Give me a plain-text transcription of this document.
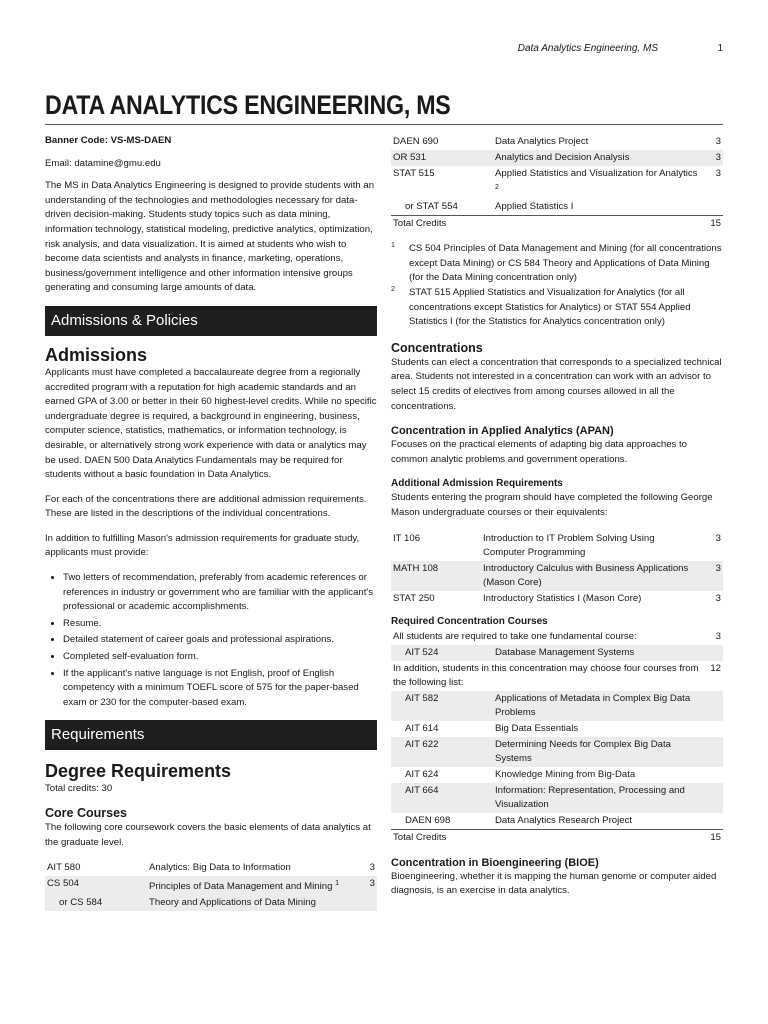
Data Analytics Engineering, MS	1
DATA ANALYTICS ENGINEERING, MS

Banner Code: VS-MS-DAEN

Email: datamine@gmu.edu

The MS in Data Analytics Engineering is designed to provide students with an understanding of the technologies and methodologies necessary for data-driven decision-making. Students study topics such as data mining, information technology, statistical modeling, predictive analytics, optimization, risk analysis, and data visualization. It is aimed at students who wish to become data scientists and analysts in finance, marketing, operations, business/government intelligence and other information intensive groups generating and consuming large amounts of data.

Admissions & Policies
Admissions

Applicants must have completed a baccalaureate degree from a regionally accredited program with a reputation for high academic standards and an earned GPA of 3.00 or better in their 60 highest-level credits. While no specific undergraduate degree is required, a background in engineering, business, computer science, statistics, mathematics, or information technology, is desirable, or alternatively strong work experience with data or analytics may be used. DAEN 500 Data Analytics Fundamentals may be required for students without a basic foundation in Data Analytics.

For each of the concentrations there are additional admission requirements. These are listed in the descriptions of the individual concentrations.

In addition to fulfilling Mason's admission requirements for graduate study, applicants must provide:

• Two letters of recommendation, preferably from academic references or references in industry or government who are familiar with the applicant's professional or academic accomplishments.
• Resume.
• Detailed statement of career goals and professional aspirations.
• Completed self-evaluation form.
• If the applicant's native language is not English, proof of English competency with a minimum TOEFL score of 575 for the paper-based exam or 230 for the computer-based exam.
Requirements
Degree Requirements

Total credits: 30

Core Courses

The following core coursework covers the basic elements of data analytics at the graduate level.

AIT 580	Analytics: Big Data to Information	3
CS 504	Principles of Data Management and Mining $^1$	3
or CS 584	Theory and Applications of Data Mining	
DAEN 690	Data Analytics Project	3
OR 531	Analytics and Decision Analysis	3
STAT 515	Applied Statistics and Visualization for Analytics $^2$	3
or STAT 554	Applied Statistics I	
Total Credits		15
1 CS 504 Principles of Data Management and Mining (for all concentrations except Data Mining) or CS 584 Theory and Applications of Data Mining (for the Data Mining concentration only)
2 STAT 515 Applied Statistics and Visualization for Analytics (for all concentrations except Statistics for Analytics) or STAT 554 Applied Statistics I (for the Statistics for Analytics concentration only)
Concentrations

Students can elect a concentration that corresponds to a specialized technical area. Students not interested in a concentration can work with an advisor to select 15 credits of electives from among courses allowed in all the concentrations.

Concentration in Applied Analytics (APAN)

Focuses on the practical elements of adapting big data approaches to common analytic problems and government operations.

Additional Admission Requirements

Students entering the program should have completed the following George Mason undergraduate courses or their equivalents:

IT 106	Introduction to IT Problem Solving Using Computer Programming	3
MATH 108	Introductory Calculus with Business Applications (Mason Core)	3
STAT 250	Introductory Statistics I (Mason Core)	3
Required Concentration Courses
All students are required to take one fundamental course:		3
AIT 524	Database Management Systems	
In addition, students in this concentration may choose four courses from the following list:		12
AIT 582	Applications of Metadata in Complex Big Data Problems	
AIT 614	Big Data Essentials	
AIT 622	Determining Needs for Complex Big Data Systems	
AIT 624	Knowledge Mining from Big-Data	
AIT 664	Information: Representation, Processing and Visualization	
DAEN 698	Data Analytics Research Project	
Total Credits		15
Concentration in Bioengineering (BIOE)

Bioengineering, whether it is mapping the human genome or computer aided diagnosis, is an exercise in data analytics.
